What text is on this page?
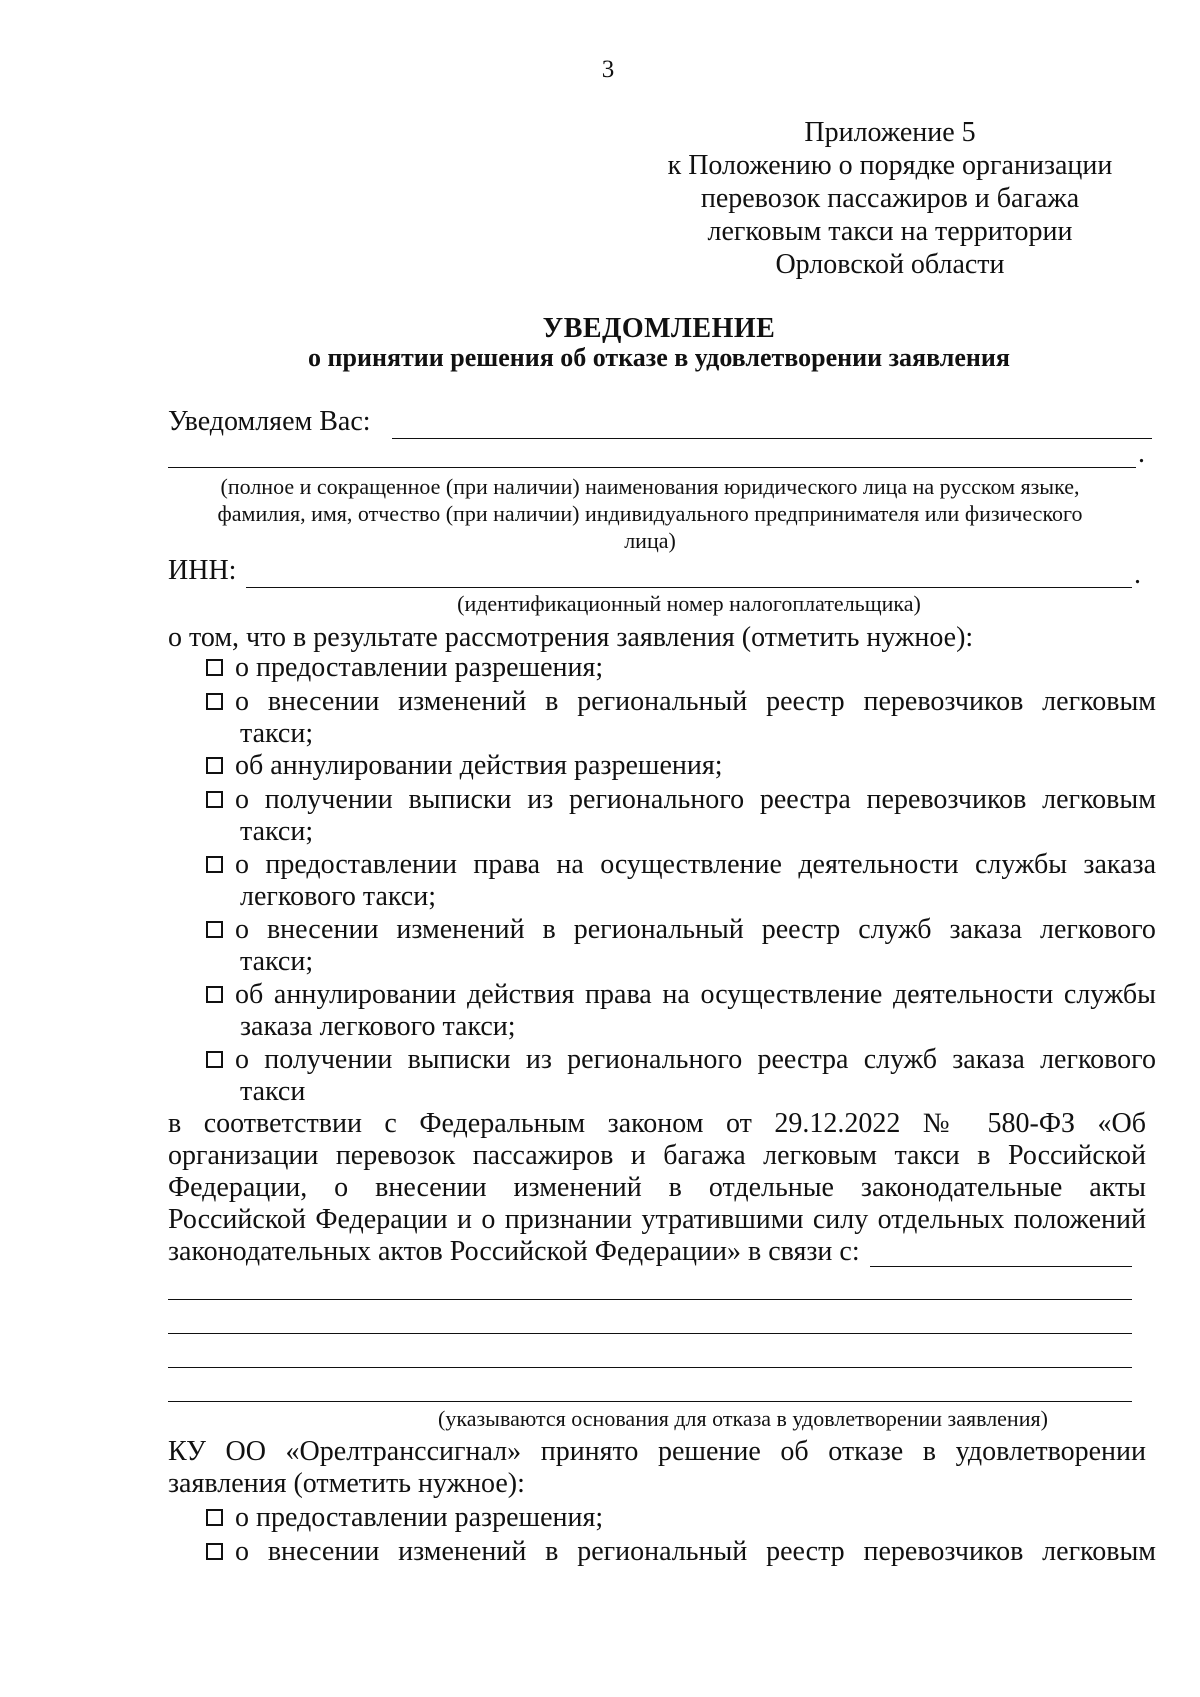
3
Приложение 5
к Положению о порядке организации
перевозок пассажиров и багажа
легковым такси на территории
Орловской области
УВЕДОМЛЕНИЕ
о принятии решения об отказе в удовлетворении заявления
Уведомляем Вас:
.
(полное и сокращенное (при наличии) наименования юридического лица на русском языке,
фамилия, имя, отчество (при наличии) индивидуального предпринимателя или физического
лица)
ИНН:	.
(идентификационный номер налогоплательщика)
о том, что в результате рассмотрения заявления (отметить нужное):
о предоставлении разрешения;
о внесении изменений в региональный реестр перевозчиков легковым
такси;
об аннулировании действия разрешения;
о получении выписки из регионального реестра перевозчиков легковым
такси;
о предоставлении права на осуществление деятельности службы заказа
легкового такси;
о внесении изменений в региональный реестр служб заказа легкового
такси;
об аннулировании действия права на осуществление деятельности службы
заказа легкового такси;
о получении выписки из регионального реестра служб заказа легкового
такси
в соответствии с Федеральным законом от 29.12.2022 № 580-ФЗ «Об
организации перевозок пассажиров и багажа легковым такси в Российской
Федерации, о внесении изменений в отдельные законодательные акты
Российской Федерации и о признании утратившими силу отдельных положений
законодательных актов Российской Федерации» в связи с:
(указываются основания для отказа в удовлетворении заявления)
КУ ОО «Орелтранссигнал» принято решение об отказе в удовлетворении
заявления (отметить нужное):
о предоставлении разрешения;
о внесении изменений в региональный реестр перевозчиков легковым
